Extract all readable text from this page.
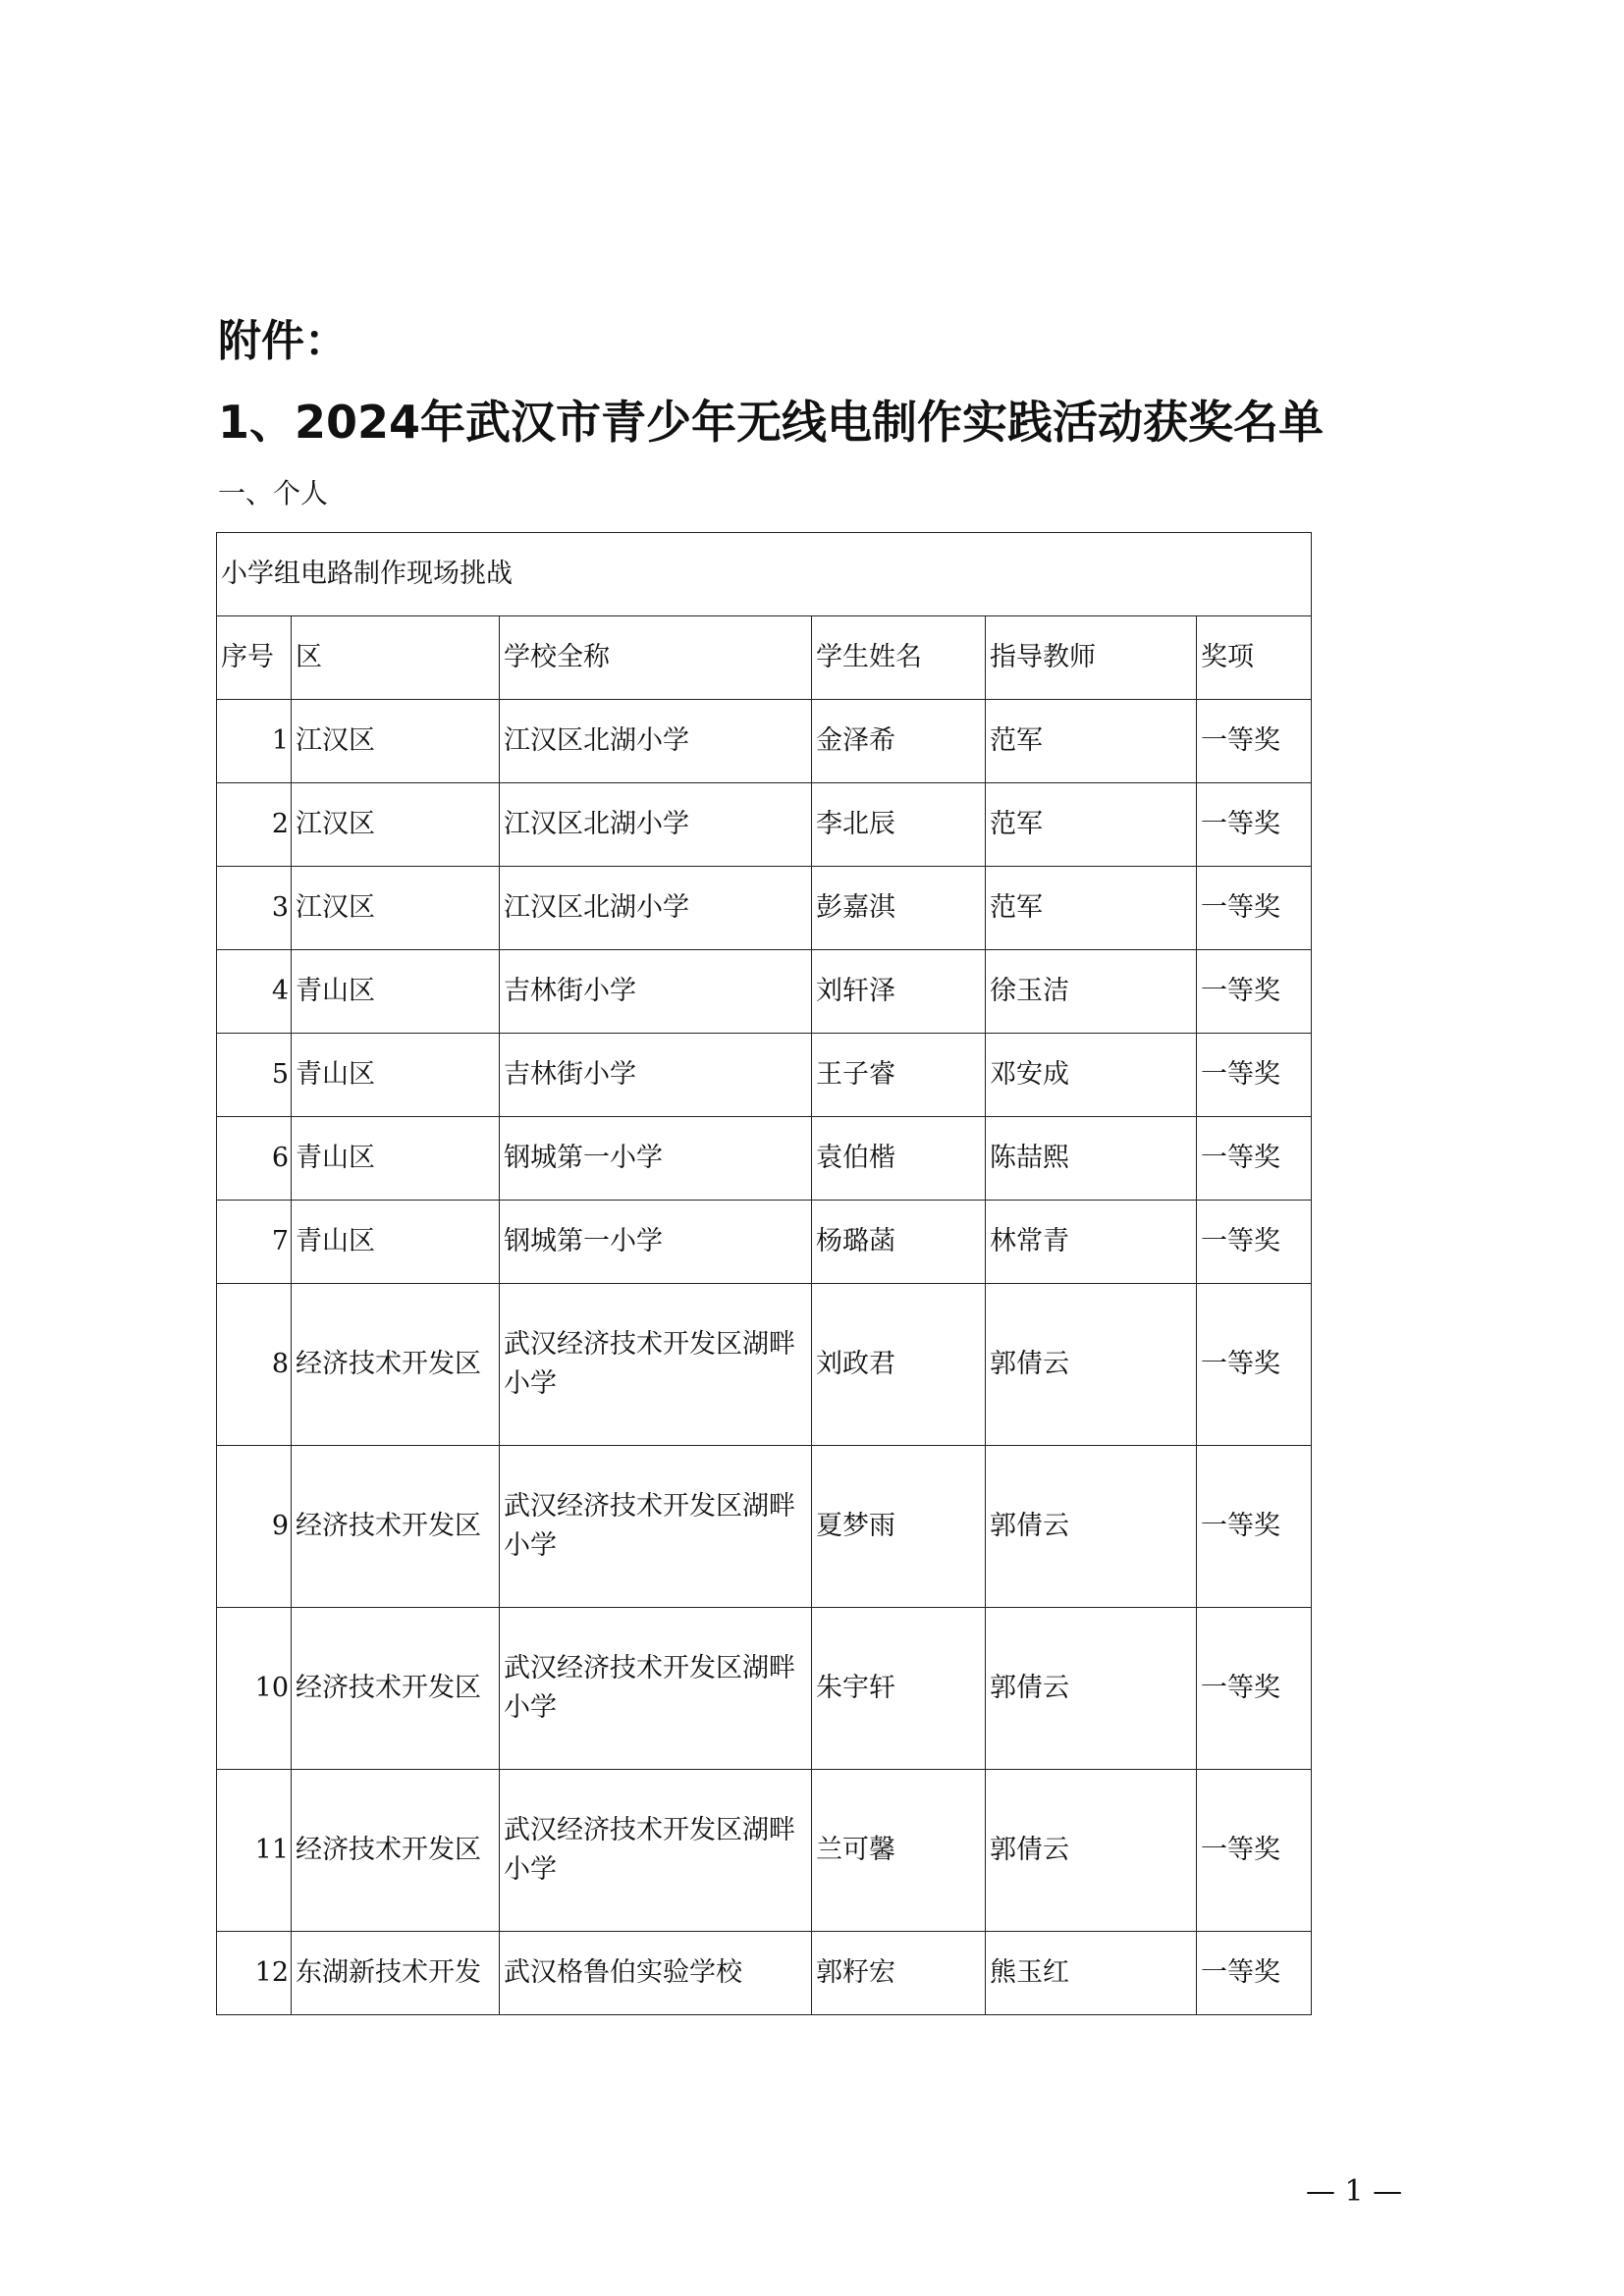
附件：
1、2024年武汉市青少年无线电制作实践活动获奖名单
一、个人
小学组电路制作现场挑战					
序号	区	学校全称	学生姓名	指导教师	奖项
1	江汉区	江汉区北湖小学	金泽希	范军	一等奖
2	江汉区	江汉区北湖小学	李北辰	范军	一等奖
3	江汉区	江汉区北湖小学	彭嘉淇	范军	一等奖
4	青山区	吉林街小学	刘轩泽	徐玉洁	一等奖
5	青山区	吉林街小学	王子睿	邓安成	一等奖
6	青山区	钢城第一小学	袁伯楷	陈喆熙	一等奖
7	青山区	钢城第一小学	杨璐菡	林常青	一等奖
8	经济技术开发区	武汉经济技术开发区湖畔小学	刘政君	郭倩云	一等奖
9	经济技术开发区	武汉经济技术开发区湖畔小学	夏梦雨	郭倩云	一等奖
10	经济技术开发区	武汉经济技术开发区湖畔小学	朱宇轩	郭倩云	一等奖
11	经济技术开发区	武汉经济技术开发区湖畔小学	兰可馨	郭倩云	一等奖
12	东湖新技术开发	武汉格鲁伯实验学校	郭籽宏	熊玉红	一等奖
— 1 —
